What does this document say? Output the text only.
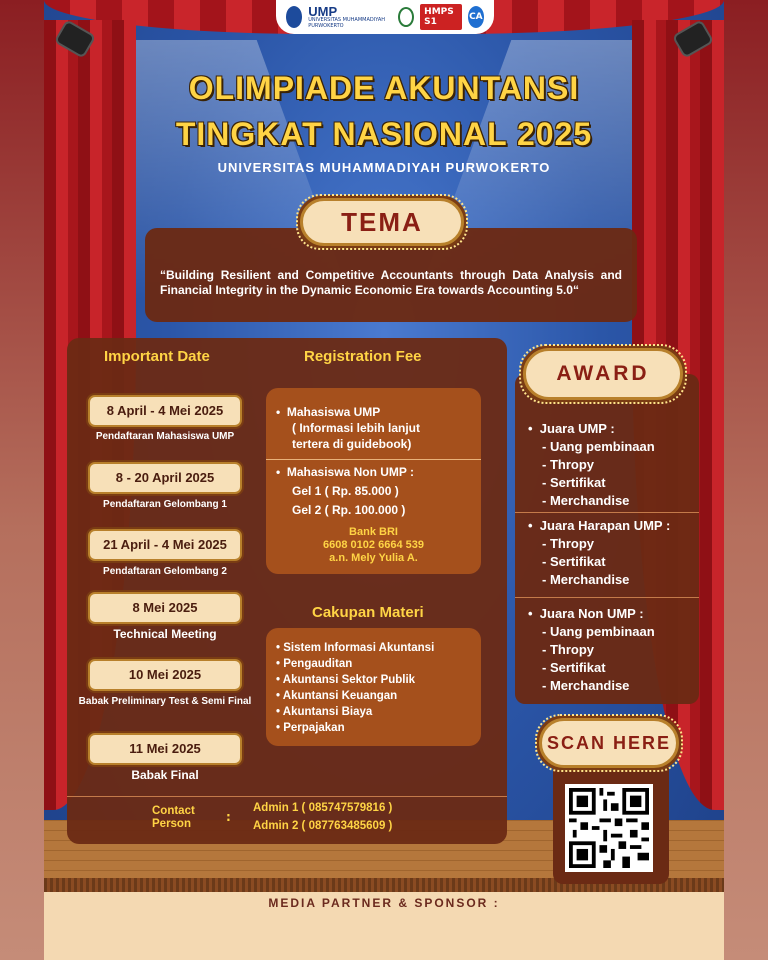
UMP
UNIVERSITAS MUHAMMADIYAH PURWOKERTO
HMPS S1	CA
OLIMPIADE AKUNTANSI
TINGKAT NASIONAL 2025
UNIVERSITAS MUHAMMADIYAH PURWOKERTO
TEMA
“Building Resilient and Competitive Accountants through Data Analysis and Financial Integrity in the Dynamic Economic Era towards Accounting 5.0“
Important Date	Registration Fee
8 April - 4 Mei 2025
Pendaftaran Mahasiswa UMP
8 - 20 April 2025
Pendaftaran Gelombang 1
21 April - 4 Mei 2025
Pendaftaran Gelombang 2
8 Mei 2025
Technical Meeting
10 Mei 2025
Babak Preliminary Test & Semi Final
11 Mei 2025
Babak Final
•  Mahasiswa UMP
( Informasi lebih lanjut
tertera di guidebook)
•  Mahasiswa Non UMP :
Gel 1 ( Rp. 85.000 )
Gel 2 ( Rp. 100.000 )
Bank BRI
6608 0102 6664 539
a.n. Mely Yulia A.
Cakupan Materi
• Sistem Informasi Akuntansi
• Pengauditan
• Akuntansi Sektor Publik
• Akuntansi Keuangan
• Akuntansi Biaya
• Perpajakan
Contact
Person	:
Admin 1 ( 085747579816 )
Admin 2 ( 087763485609 )
AWARD
•  Juara UMP :
- Uang pembinaan
- Thropy
- Sertifikat
- Merchandise
•  Juara Harapan UMP :
- Thropy
- Sertifikat
- Merchandise
•  Juara Non UMP :
- Uang pembinaan
- Thropy
- Sertifikat
- Merchandise
SCAN HERE
MEDIA PARTNER & SPONSOR :
